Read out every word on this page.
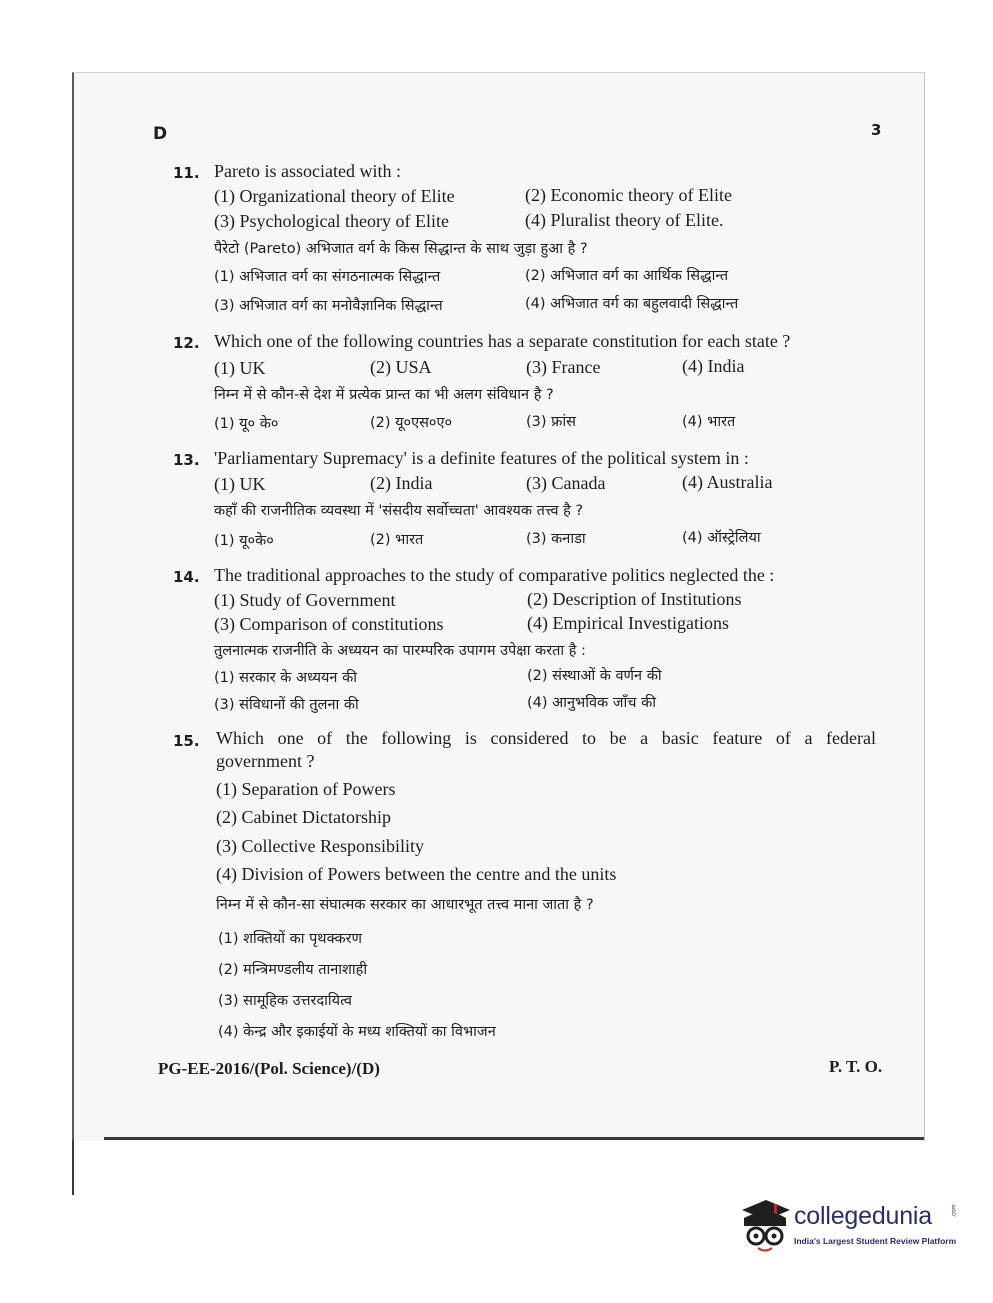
D	3
11. Pareto is associated with :
(1) Organizational theory of Elite	(2) Economic theory of Elite
(3) Psychological theory of Elite	(4) Pluralist theory of Elite.
पैरेटो (Pareto) अभिजात वर्ग के किस सिद्धान्त के साथ जुड़ा हुआ है ?
(1) अभिजात वर्ग का संगठनात्मक सिद्धान्त	(2) अभिजात वर्ग का आर्थिक सिद्धान्त
(3) अभिजात वर्ग का मनोवैज्ञानिक सिद्धान्त	(4) अभिजात वर्ग का बहुलवादी सिद्धान्त
12. Which one of the following countries has a separate constitution for each state ?
(1) UK	(2) USA	(3) France	(4) India
निम्न में से कौन-से देश में प्रत्येक प्रान्त का भी अलग संविधान है ?
(1) यू० के०	(2) यू०एस०ए०	(3) फ्रांस	(4) भारत
13. 'Parliamentary Supremacy' is a definite features of the political system in :
(1) UK	(2) India	(3) Canada	(4) Australia
कहाँ की राजनीतिक व्यवस्था में 'संसदीय सर्वोच्चता' आवश्यक तत्त्व है ?
(1) यू०के०	(2) भारत	(3) कनाडा	(4) ऑस्ट्रेलिया
14. The traditional approaches to the study of comparative politics neglected the :
(1) Study of Government	(2) Description of Institutions
(3) Comparison of constitutions	(4) Empirical Investigations
तुलनात्मक राजनीति के अध्ययन का पारम्परिक उपागम उपेक्षा करता है :
(1) सरकार के अध्ययन की	(2) संस्थाओं के वर्णन की
(3) संविधानों की तुलना की	(4) आनुभविक जाँच की
15. Which one of the following is considered to be a basic feature of a federal
government ?
(1) Separation of Powers
(2) Cabinet Dictatorship
(3) Collective Responsibility
(4) Division of Powers between the centre and the units
निम्न में से कौन-सा संघात्मक सरकार का आधारभूत तत्त्व माना जाता है ?
(1) शक्तियों का पृथक्करण
(2) मन्त्रिमण्डलीय तानाशाही
(3) सामूहिक उत्तरदायित्व
(4) केन्द्र और इकाईयों के मध्य शक्तियों का विभाजन
PG-EE-2016/(Pol. Science)/(D)	P. T. O.
collegedunia	.com
India's Largest Student Review Platform
